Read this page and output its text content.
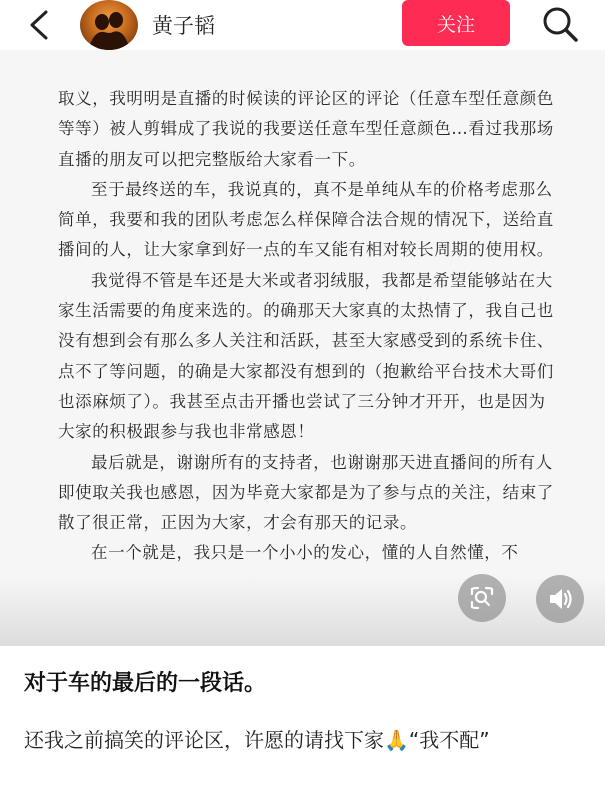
黄子韬	关注

取义，我明明是直播的时候读的评论区的评论（任意车型任意颜色等等）被人剪辑成了我说的我要送任意车型任意颜色…看过我那场直播的朋友可以把完整版给大家看一下。

至于最终送的车，我说真的，真不是单纯从车的价格考虑那么简单，我要和我的团队考虑怎么样保障合法合规的情况下，送给直播间的人，让大家拿到好一点的车又能有相对较长周期的使用权。

我觉得不管是车还是大米或者羽绒服，我都是希望能够站在大家生活需要的角度来选的。的确那天大家真的太热情了，我自己也没有想到会有那么多人关注和活跃，甚至大家感受到的系统卡住、点不了等问题，的确是大家都没有想到的（抱歉给平台技术大哥们也添麻烦了）。我甚至点击开播也尝试了三分钟才开开，也是因为大家的积极跟参与我也非常感恩！

最后就是，谢谢所有的支持者，也谢谢那天进直播间的所有人即使取关我也感恩，因为毕竟大家都是为了参与点的关注，结束了散了很正常，正因为大家，才会有那天的记录。

在一个就是，我只是一个小小的发心，懂的人自然懂，不

对于车的最后的一段话。
还我之前搞笑的评论区，许愿的请找下家🙏“我不配”
